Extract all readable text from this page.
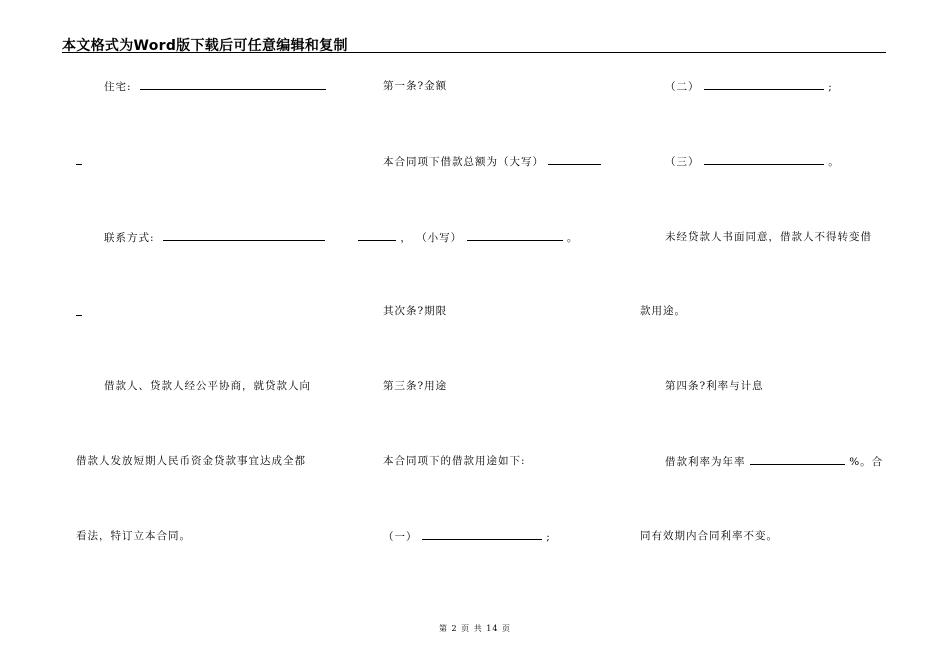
本文格式为Word版下载后可任意编辑和复制
住宅:
联系方式:
借款人、贷款人经公平协商，就贷款人向
借款人发放短期人民币资金贷款事宜达成全都
看法，特订立本合同。
第一条?金额
本合同项下借款总额为（大写）
， （小写）	。
其次条?期限
第三条?用途
本合同项下的借款用途如下:
（一）	;
（二）	;
（三）	。
未经贷款人书面同意，借款人不得转变借
款用途。
第四条?利率与计息
借款利率为年率	%。合
同有效期内合同利率不变。
第 2 页 共 14 页
